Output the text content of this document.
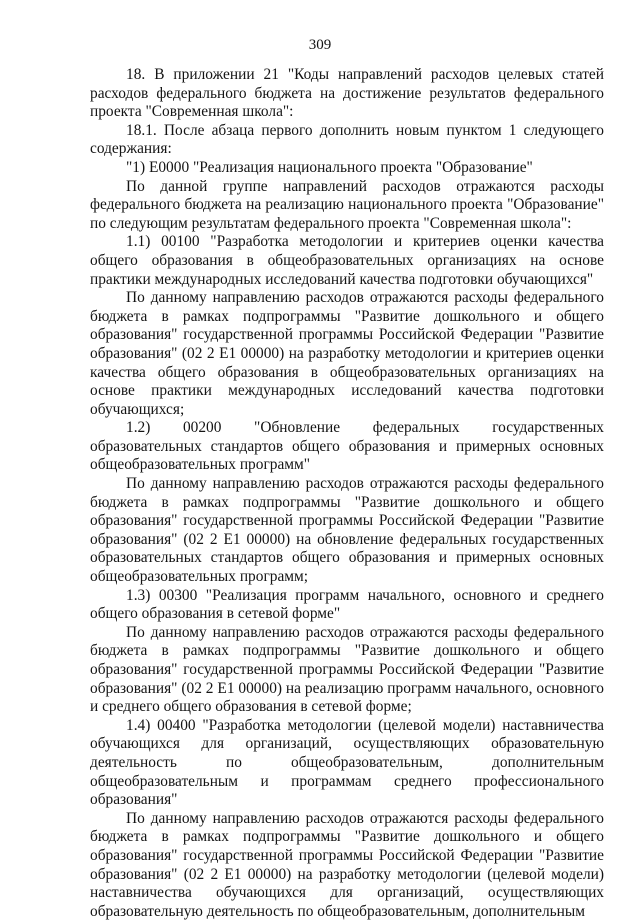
309

18. В приложении 21 "Коды направлений расходов целевых статей расходов федерального бюджета на достижение результатов федерального проекта "Современная школа":

18.1. После абзаца первого дополнить новым пунктом 1 следующего содержания:

"1) Е0000 "Реализация национального проекта "Образование"

По данной группе направлений расходов отражаются расходы федерального бюджета на реализацию национального проекта "Образование" по следующим результатам федерального проекта "Современная школа":

1.1) 00100 "Разработка методологии и критериев оценки качества общего образования в общеобразовательных организациях на основе практики международных исследований качества подготовки обучающихся"

По данному направлению расходов отражаются расходы федерального бюджета в рамках подпрограммы "Развитие дошкольного и общего образования" государственной программы Российской Федерации "Развитие образования" (02 2 Е1 00000) на разработку методологии и критериев оценки качества общего образования в общеобразовательных организациях на основе практики международных исследований качества подготовки обучающихся;

1.2) 00200 "Обновление федеральных государственных образовательных стандартов общего образования и примерных основных общеобразовательных программ"

По данному направлению расходов отражаются расходы федерального бюджета в рамках подпрограммы "Развитие дошкольного и общего образования" государственной программы Российской Федерации "Развитие образования" (02 2 Е1 00000) на обновление федеральных государственных образовательных стандартов общего образования и примерных основных общеобразовательных программ;

1.3) 00300 "Реализация программ начального, основного и среднего общего образования в сетевой форме"

По данному направлению расходов отражаются расходы федерального бюджета в рамках подпрограммы "Развитие дошкольного и общего образования" государственной программы Российской Федерации "Развитие образования" (02 2 Е1 00000) на реализацию программ начального, основного и среднего общего образования в сетевой форме;

1.4) 00400 "Разработка методологии (целевой модели) наставничества обучающихся для организаций, осуществляющих образовательную деятельность по общеобразовательным, дополнительным общеобразовательным и программам среднего профессионального образования"

По данному направлению расходов отражаются расходы федерального бюджета в рамках подпрограммы "Развитие дошкольного и общего образования" государственной программы Российской Федерации "Развитие образования" (02 2 Е1 00000) на разработку методологии (целевой модели) наставничества обучающихся для организаций, осуществляющих образовательную деятельность по общеобразовательным, дополнительным
